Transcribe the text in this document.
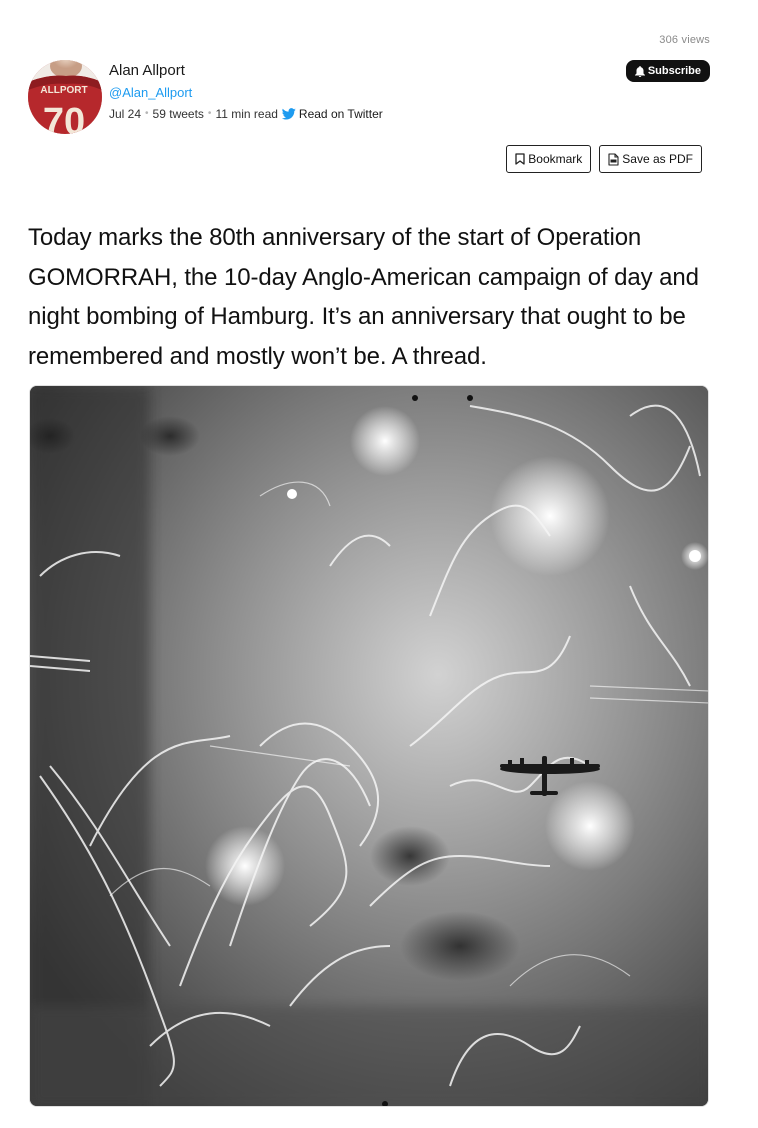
306 views
ALLPORT
70
Alan Allport
@Alan_Allport
Jul 24 • 59 tweets • 11 min read Read on Twitter
Subscribe
Bookmark	Save as PDF

Today marks the 80th anniversary of the start of Operation GOMORRAH, the 10-day Anglo-American campaign of day and night bombing of Hamburg. It’s an anniversary that ought to be remembered and mostly won’t be. A thread.
